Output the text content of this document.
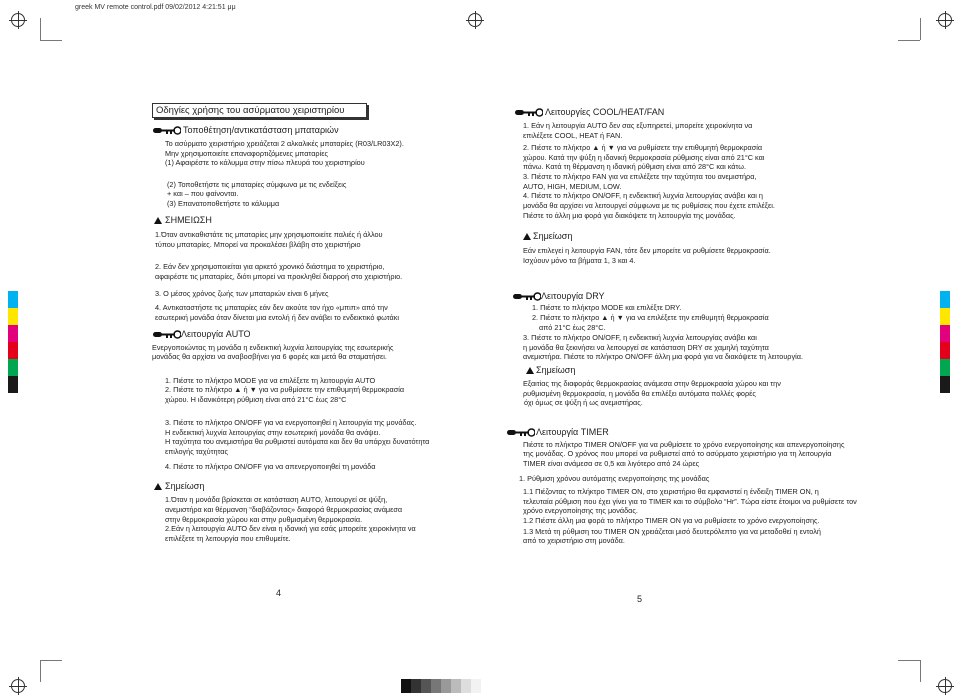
greek MV remote control.pdf 09/02/2012 4:21:51 μμ
Οδηγίες χρήσης του ασύρματου χειριστηρίου
Τοποθέτηση/αντικατάσταση μπαταριών
Το ασύρματο χειριστήριο χρειάζεται 2 αλκαλικές μπαταρίες (R03/LR03X2).
Μην χρησιμοποιείτε επαναφορτιζόμενες μπαταρίες
(1) Αφαιρέστε το κάλυμμα στην πίσω πλευρά του χειριστηρίου
(2) Τοποθετήστε τις μπαταρίες σύμφωνα με τις ενδείξεις
+ και – που φαίνονται.
(3) Επανατοποθετήστε το κάλυμμα
ΣΗΜΕΙΩΣΗ
1.Όταν αντικαθιστάτε τις μπαταρίες μην χρησιμοποιείτε παλιές ή άλλου
τύπου μπαταρίες. Μπορεί να προκαλέσει βλάβη στο χειριστήριο
2. Εάν δεν χρησιμοποιείται για αρκετό χρονικό διάστημα το χειριστήριο,
αφαιρέστε τις μπαταρίες, διότι μπορεί να προκληθεί διαρροή στο χειριστήριο.
3. Ο μέσος χρόνος ζωής των μπαταριών είναι 6 μήνες
4. Αντικαταστήστε τις μπαταρίες εάν δεν ακούτε τον ήχο «μπιπ» από την
εσωτερική μονάδα όταν δίνεται μια εντολή ή δεν ανάβει το ενδεικτικό φωτάκι
Λειτουργία AUTO
Ενεργοποιώντας τη μονάδα η ενδεικτική λυχνία λειτουργίας της εσωτερικής
μονάδας θα αρχίσει να αναβοσβήνει για 6 φορές και μετά θα σταματήσει.
1. Πιέστε το πλήκτρο MODE για να επιλέξετε τη λειτουργία AUTO
2. Πιέστε το πλήκτρο ▲ ή ▼ για να ρυθμίσετε την επιθυμητή θερμοκρασία
χώρου. Η ιδανικότερη ρύθμιση είναι από 21°C έως 28°C
3. Πιέστε το πλήκτρο ON/OFF για να ενεργοποιηθεί η λειτουργία της μονάδας.
Η ενδεικτική λυχνία λειτουργίας στην εσωτερική μονάδα θα ανάψει.
Η ταχύτητα του ανεμιστήρα θα ρυθμιστεί αυτόματα και δεν θα υπάρχει δυνατότητα
επιλογής ταχύτητας
4. Πιέστε το πλήκτρο ON/OFF για να απενεργοποιηθεί τη μονάδα
Σημείωση
1.Όταν η μονάδα βρίσκεται σε κατάσταση AUTO, λειτουργεί σε ψύξη,
ανεμιστήρα και θέρμανση “διαβάζοντας» διαφορά θερμοκρασίας ανάμεσα
στην θερμοκρασία χώρου και στην ρυθμισμένη θερμοκρασία.
2.Εάν η λειτουργία AUTO δεν είναι η ιδανική για εσάς μπορείτε χειροκίνητα να
επιλέξετε τη λειτουργία που επιθυμείτε.
Λειτουργίες COOL/HEAT/FAN
1. Εάν η λειτουργία AUTO δεν σας εξυπηρετεί, μπορείτε χειροκίνητα να
επιλέξετε COOL, HEAT ή FAN.
2. Πιέστε το πλήκτρο ▲ ή ▼ για να ρυθμίσετε την επιθυμητή θερμοκρασία
χώρου. Κατά την ψύξη η ιδανική θερμοκρασία ρύθμισης είναι από 21°C και
πάνω. Κατά τη θέρμανση η ιδανική ρύθμιση είναι από 28°C και κάτω.
3. Πιέστε το πλήκτρο FAN για να επιλέξετε την ταχύτητα του ανεμιστήρα,
AUTO, HIGH, MEDIUM, LOW.
4. Πιέστε το πλήκτρο ON/OFF, η ενδεικτική λυχνία λειτουργίας ανάβει και η
μονάδα θα αρχίσει να λειτουργεί σύμφωνα με τις ρυθμίσεις που έχετε επιλέξει.
Πιέστε το άλλη μια φορά για διακόψετε τη λειτουργία της μονάδας.
Σημείωση
Εάν επιλεγεί η λειτουργία FAN, τότε δεν μπορείτε να ρυθμίσετε θερμοκρασία.
Ισχύουν μόνο τα βήματα 1, 3 και 4.
Λειτουργία DRY
1. Πιέστε το πλήκτρο MODE και επιλέξτε DRY.
2. Πιέστε το πλήκτρο ▲ ή ▼ για να επιλέξετε την επιθυμητή θερμοκρασία
από 21°C έως 28°C.
3. Πιέστε το πλήκτρο ON/OFF, η ενδεικτική λυχνία λειτουργίας ανάβει και
η μονάδα θα ξεκινήσει να λειτουργεί σε κατάσταση DRY σε χαμηλή ταχύτητα
ανεμιστήρα. Πιέστε το πλήκτρο ON/OFF άλλη μια φορά για να διακόψετε τη λειτουργία.
Σημείωση
Εξαιτίας της διαφοράς θερμοκρασίας ανάμεσα στην θερμοκρασία χώρου και την
ρυθμισμένη θερμοκρασία, η μονάδα θα επιλέξει αυτόματα πολλές φορές
όχι όμως σε ψύξη ή ως ανεμιστήρας.
Λειτουργία TIMER
Πιέστε το πλήκτρο TIMER ON/OFF για να ρυθμίσετε το χρόνο ενεργοποίησης και απενεργοποίησης
της μονάδας. Ο χρόνος που μπορεί να ρυθμιστεί από το ασύρματο χειριστήριο για τη λειτουργία
TIMER είναι ανάμεσα σε 0,5 και λιγότερο από 24 ώρες
1. Ρύθμιση χρόνου αυτόματης ενεργοποίησης της μονάδας
1.1 Πιέζοντας το πλήκτρο TIMER ON, στο χειριστήριο θα εμφανιστεί η ένδειξη TIMER ON, η
τελευταία ρύθμιση που έχει γίνει για το TIMER και το σύμβολο “Hr”. Τώρα είστε έτοιμοι να ρυθμίσετε τον
χρόνο ενεργοποίησης της μονάδας.
1.2 Πιέστε άλλη μια φορά το πλήκτρο TIMER ON για να ρυθμίσετε το χρόνο ενεργοποίησης.
1.3 Μετά τη ρύθμιση του TIMER ON χρειάζεται μισό δευτερόλεπτο για να μεταδοθεί η εντολή
από το χειριστήριο στη μονάδα.
4
5
